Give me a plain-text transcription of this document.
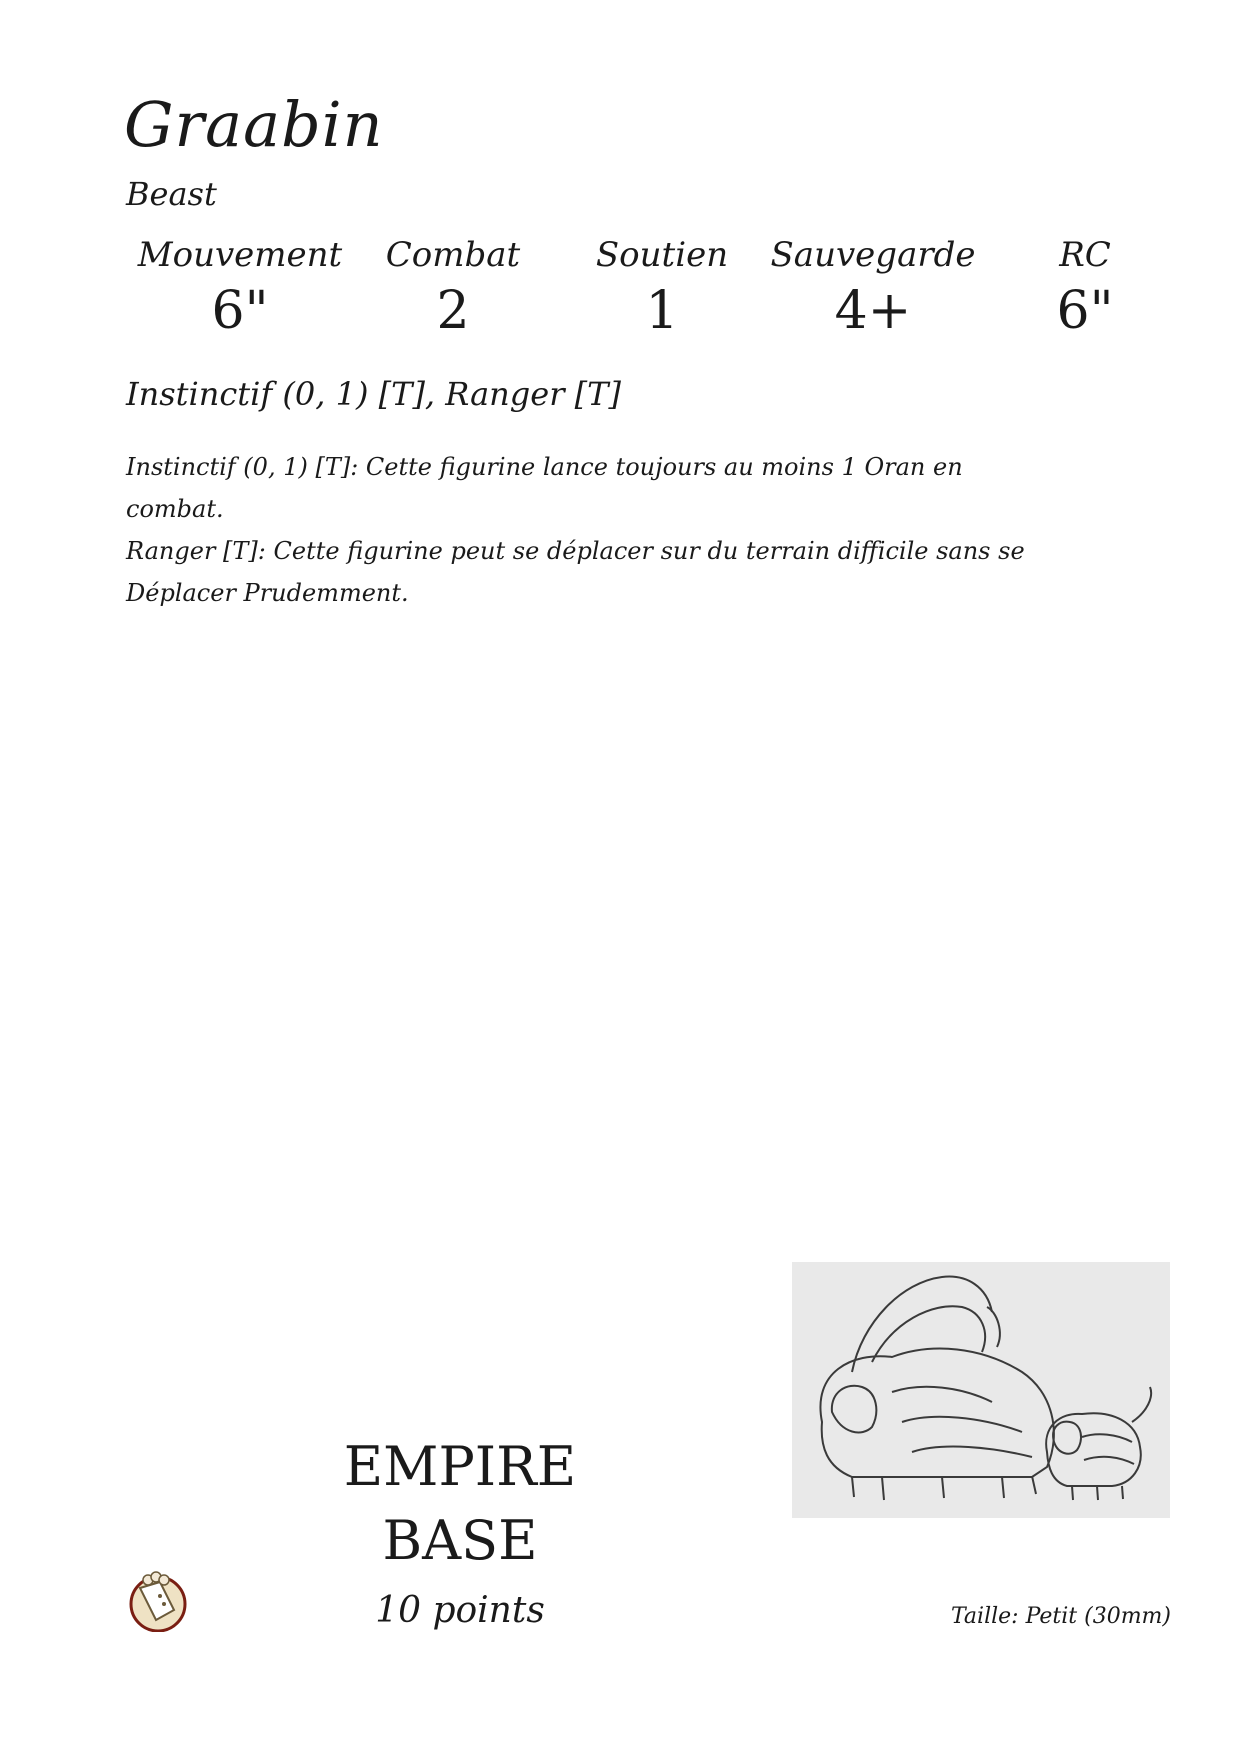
Graabin
Beast
Mouvement
6"
Combat
2
Soutien
1
Sauvegarde
4+
RC
6"
Instinctif (0, 1) [T], Ranger [T]
Instinctif (0, 1) [T]: Cette figurine lance toujours au moins 1 Oran en combat.
Ranger [T]: Cette figurine peut se déplacer sur du terrain difficile sans se Déplacer Prudemment.
EMPIRE
BASE
10 points	Taille: Petit (30mm)
